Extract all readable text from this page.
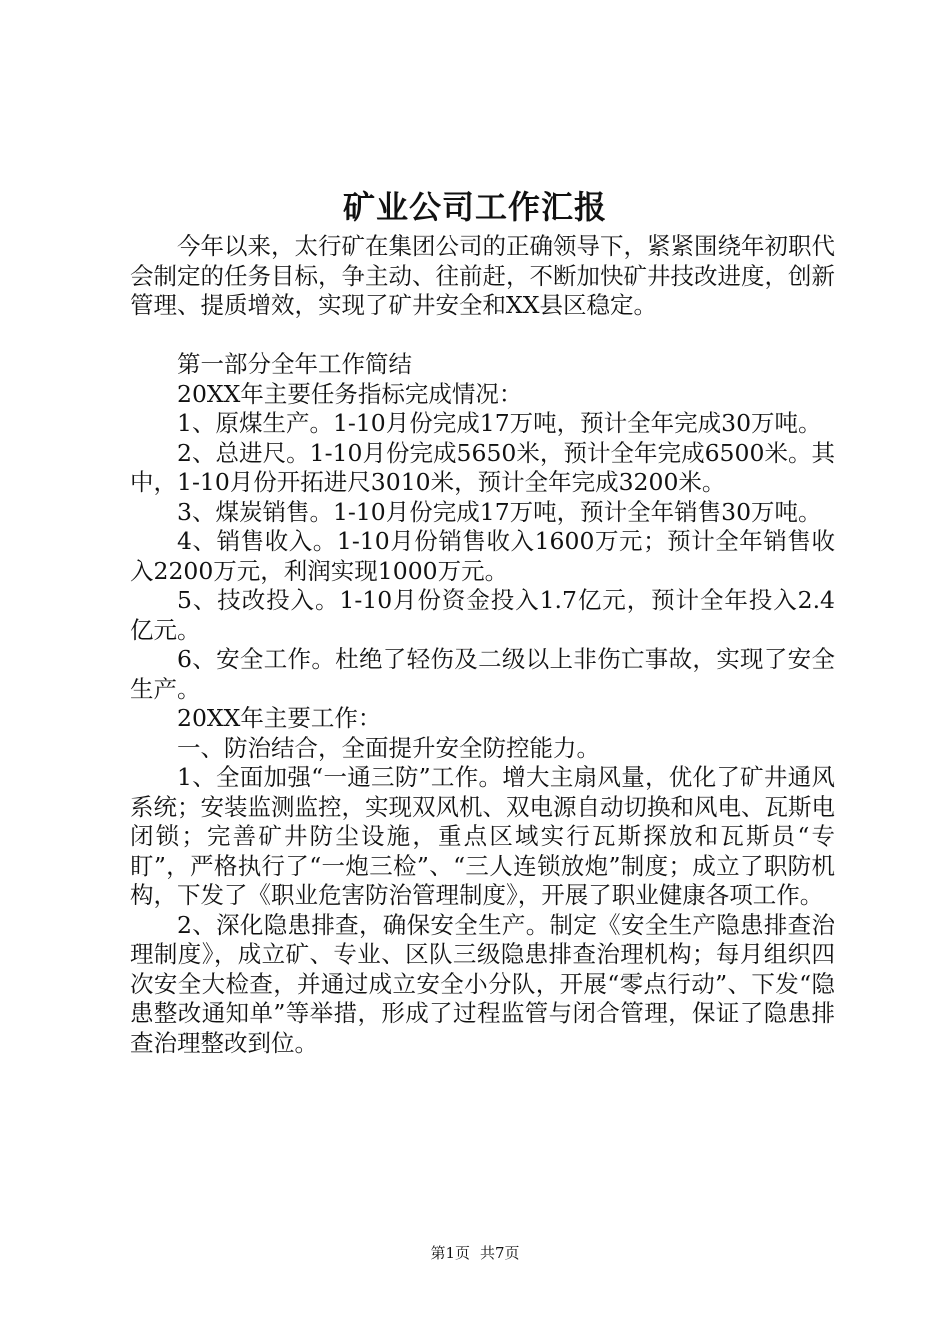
矿业公司工作汇报

今年以来，太行矿在集团公司的正确领导下，紧紧围绕年初职代会制定的任务目标，争主动、往前赶，不断加快矿井技改进度，创新管理、提质增效，实现了矿井安全和XX县区稳定。

第一部分全年工作简结

20XX年主要任务指标完成情况：

1、原煤生产。1-10月份完成17万吨，预计全年完成30万吨。

2、总进尺。1-10月份完成5650米，预计全年完成6500米。其中，1-10月份开拓进尺3010米，预计全年完成3200米。

3、煤炭销售。1-10月份完成17万吨，预计全年销售30万吨。

4、销售收入。1-10月份销售收入1600万元；预计全年销售收入2200万元，利润实现1000万元。

5、技改投入。1-10月份资金投入1.7亿元，预计全年投入2.4亿元。

6、安全工作。杜绝了轻伤及二级以上非伤亡事故，实现了安全生产。

20XX年主要工作：

一、防治结合，全面提升安全防控能力。

1、全面加强“一通三防”工作。增大主扇风量，优化了矿井通风系统；安装监测监控，实现双风机、双电源自动切换和风电、瓦斯电闭锁；完善矿井防尘设施，重点区域实行瓦斯探放和瓦斯员“专盯”，严格执行了“一炮三检”、“三人连锁放炮”制度；成立了职防机构，下发了《职业危害防治管理制度》，开展了职业健康各项工作。

2、深化隐患排查，确保安全生产。制定《安全生产隐患排查治理制度》，成立矿、专业、区队三级隐患排查治理机构；每月组织四次安全大检查，并通过成立安全小分队，开展“零点行动”、下发“隐患整改通知单”等举措，形成了过程监管与闭合管理，保证了隐患排查治理整改到位。

第1页 共7页
